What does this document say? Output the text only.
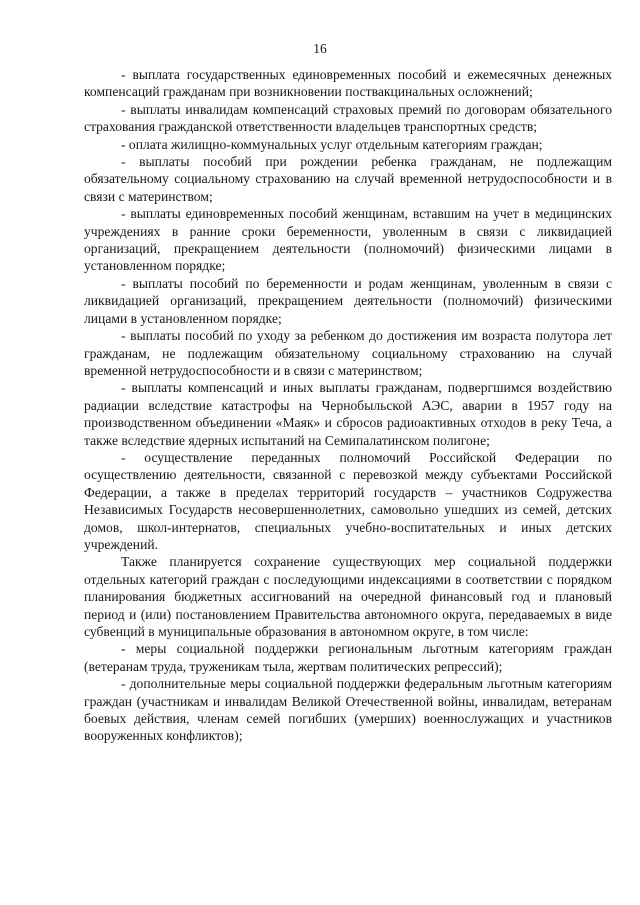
16

- выплата государственных единовременных пособий и ежемесячных денежных компенсаций гражданам при возникновении поствакцинальных осложнений;

- выплаты инвалидам компенсаций страховых премий по договорам обязательного страхования гражданской ответственности владельцев транспортных средств;

- оплата жилищно-коммунальных услуг отдельным категориям граждан;

- выплаты пособий при рождении ребенка гражданам, не подлежащим обязательному социальному страхованию на случай временной нетрудоспособности и в связи с материнством;

- выплаты единовременных пособий женщинам, вставшим на учет в медицинских учреждениях в ранние сроки беременности, уволенным в связи с ликвидацией организаций, прекращением деятельности (полномочий) физическими лицами в установленном порядке;

- выплаты пособий по беременности и родам женщинам, уволенным в связи с ликвидацией организаций, прекращением деятельности (полномочий) физическими лицами в установленном порядке;

- выплаты пособий по уходу за ребенком до достижения им возраста полутора лет гражданам, не подлежащим обязательному социальному страхованию на случай временной нетрудоспособности и в связи с материнством;

- выплаты компенсаций и иных выплаты гражданам, подвергшимся воздействию радиации вследствие катастрофы на Чернобыльской АЭС, аварии в 1957 году на производственном объединении «Маяк» и сбросов радиоактивных отходов в реку Теча, а также вследствие ядерных испытаний на Семипалатинском полигоне;

- осуществление переданных полномочий Российской Федерации по осуществлению деятельности, связанной с перевозкой между субъектами Российской Федерации, а также в пределах территорий государств – участников Содружества Независимых Государств несовершеннолетних, самовольно ушедших из семей, детских домов, школ-интернатов, специальных учебно-воспитательных и иных детских учреждений.

Также планируется сохранение существующих мер социальной поддержки отдельных категорий граждан с последующими индексациями в соответствии с порядком планирования бюджетных ассигнований на очередной финансовый год и плановый период и (или) постановлением Правительства автономного округа, передаваемых в виде субвенций в муниципальные образования в автономном округе, в том числе:

- меры социальной поддержки региональным льготным категориям граждан (ветеранам труда, труженикам тыла, жертвам политических репрессий);

- дополнительные меры социальной поддержки федеральным льготным категориям граждан (участникам и инвалидам Великой Отечественной войны, инвалидам, ветеранам боевых действия, членам семей погибших (умерших) военнослужащих и участников вооруженных конфликтов);
